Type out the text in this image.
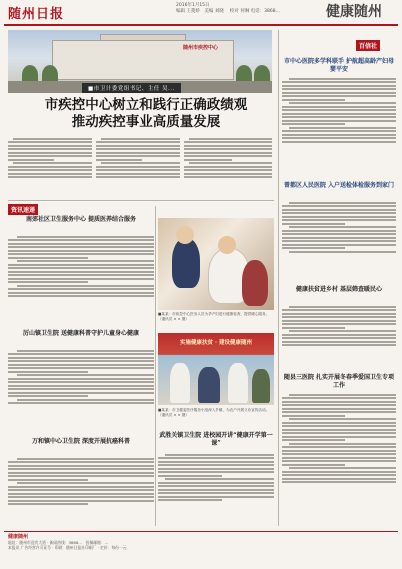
随州日报
2016年1月15日
编辑 王蔓娇　美编 刘晓 　校对 何琳 电话：3868...	健康随州
随州市疾控中心
■市卫计委党组书记、主任 吴...
市疾控中心树立和践行正确政绩观
推动疾控事业高质量发展
百信社
市中心医院多学科联手 护航超高龄产妇母婴平安
曾都区人民医院 入户送检体检服务到家门
健康扶贫进乡村 基层筛查暖民心
随县三医院 扎实开展冬春季爱国卫生专项工作
资讯速递
南郊社区卫生服务中心 提质医养结合服务
厉山镇卫生院 送健康科普守护儿童身心健康
万和镇中心卫生院 深度开展抗癌科普
■某某：市疾控中心医务人员为孕产妇进行健康检查，提供暖心服务。（通讯员 × × 摄）
实施健康扶贫 · 建设健康随州
■某某：市卫健委医疗服务小组深入乡镇，为农户开展义诊宣传活动。（通讯员 × × 摄）
武胜关镇卫生院 进校园开讲“健康开学第一课”
健康随州
地址：随州市迎宾大道 · 新闻热线：3868...　投稿邮箱：...
本报讯 广告经营许可证号 · 印刷：随州日报社印刷厂 · 定价：每份一元
